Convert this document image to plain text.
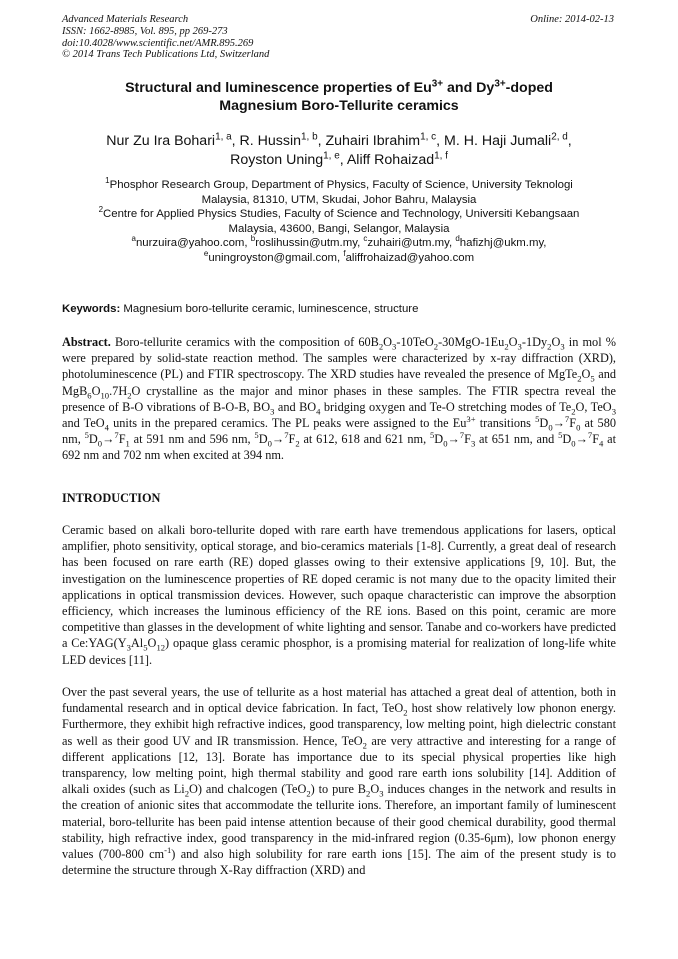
Advanced Materials Research
ISSN: 1662-8985, Vol. 895, pp 269-273
doi:10.4028/www.scientific.net/AMR.895.269
© 2014 Trans Tech Publications Ltd, Switzerland
Online: 2014-02-13
Structural and luminescence properties of $Eu^{3+}$ and $Dy^{3+}$-doped
Magnesium Boro-Tellurite ceramics
Nur Zu Ira Bohari$^{1, a}$, R. Hussin$^{1, b}$, Zuhairi Ibrahim$^{1, c}$, M. H. Haji Jumali$^{2, d}$,
Royston Uning$^{1, e}$, Aliff Rohaizad$^{1, f}$
$^1$Phosphor Research Group, Department of Physics, Faculty of Science, University Teknologi
Malaysia, 81310, UTM, Skudai, Johor Bahru, Malaysia
$^2$Centre for Applied Physics Studies, Faculty of Science and Technology, Universiti Kebangsaan
Malaysia, 43600, Bangi, Selangor, Malaysia
$^a$nurzuira@yahoo.com, $^b$roslihussin@utm.my, $^c$zuhairi@utm.my, $^d$hafizhj@ukm.my,
$^e$uningroyston@gmail.com, $^f$aliffrohaizad@yahoo.com
Keywords: Magnesium boro-tellurite ceramic, luminescence, structure
Abstract. Boro-tellurite ceramics with the composition of $60B_2O_3-10TeO_2-30MgO-1Eu_2O_3-1Dy_2O_3$ in mol % were prepared by solid-state reaction method. The samples were characterized by x-ray diffraction (XRD), photoluminescence (PL) and FTIR spectroscopy. The XRD studies have revealed the presence of $MgTe_2O_5$ and $MgB_6O_{10}.7H_2O$ crystalline as the major and minor phases in these samples. The FTIR spectra reveal the presence of B-O vibrations of B-O-B, $BO_3$ and $BO_4$ bridging oxygen and Te-O stretching modes of $Te_2O$, TeO$_3$ and TeO$_4$ units in the prepared ceramics. The PL peaks were assigned to the $Eu^{3+}$ transitions $^5D_0\to^7F_0$ at 580 nm, $^5D_0\to^7F_1$ at 591 nm and 596 nm, $^5D_0\to^7F_2$ at 612, 618 and 621 nm, $^5D_0\to^7F_3$ at 651 nm, and $^5D_0\to^7F_4$ at 692 nm and 702 nm when excited at 394 nm.
INTRODUCTION
Ceramic based on alkali boro-tellurite doped with rare earth have tremendous applications for lasers, optical amplifier, photo sensitivity, optical storage, and bio-ceramics materials [1-8]. Currently, a great deal of research has been focused on rare earth (RE) doped glasses owing to their extensive applications [9, 10]. But, the investigation on the luminescence properties of RE doped ceramic is not many due to the opacity limited their applications in optical transmission devices. However, such opaque characteristic can improve the absorption efficiency, which increases the luminous efficiency of the RE ions. Based on this point, ceramic are more competitive than glasses in the development of white lighting and sensor. Tanabe and co-workers have predicted a $Ce:YAG(Y_3Al_5O_{12})$ opaque glass ceramic phosphor, is a promising material for realization of long-life white LED devices [11].
Over the past several years, the use of tellurite as a host material has attached a great deal of attention, both in fundamental research and in optical device fabrication. In fact, TeO$_2$ host show relatively low phonon energy. Furthermore, they exhibit high refractive indices, good transparency, low melting point, high dielectric constant as well as their good UV and IR transmission. Hence, TeO$_2$ are very attractive and interesting for a range of different applications [12, 13]. Borate has importance due to its special physical properties like high transparency, low melting point, high thermal stability and good rare earth ions solubility [14]. Addition of alkali oxides (such as $Li_2O$) and chalcogen (TeO$_2$) to pure $B_2O_3$ induces changes in the network and results in the creation of anionic sites that accommodate the tellurite ions. Therefore, an important family of luminescent material, boro-tellurite has been paid intense attention because of their good chemical durability, good thermal stability, high refractive index, good transparency in the mid-infrared region (0.35-6μm), low phonon energy values (700-800 $cm^{-1}$) and also high solubility for rare earth ions [15]. The aim of the present study is to determine the structure through X-Ray diffraction (XRD) and
